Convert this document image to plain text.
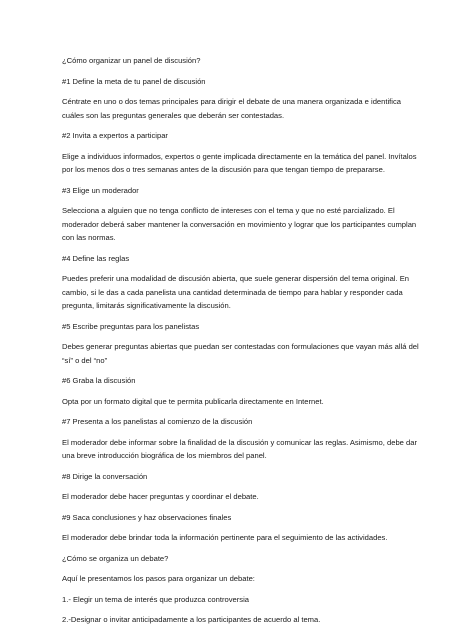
¿Cómo organizar un panel de discusión?

#1 Define la meta de tu panel de discusión

Céntrate en uno o dos temas principales para dirigir el debate de una manera organizada e identifica cuáles son las preguntas generales que deberán ser contestadas.

#2 Invita a expertos a participar

Elige a individuos informados, expertos o gente implicada directamente en la temática del panel. Invítalos por los menos dos o tres semanas antes de la discusión para que tengan tiempo de prepararse.

#3 Elige un moderador

Selecciona a alguien que no tenga conflicto de intereses con el tema y que no esté parcializado. El moderador deberá saber mantener la conversación en movimiento y lograr que los participantes cumplan con las normas.

#4 Define las reglas

Puedes preferir una modalidad de discusión abierta, que suele generar dispersión del tema original. En cambio, si le das a cada panelista una cantidad determinada de tiempo para hablar y responder cada pregunta, limitarás significativamente la discusión.

#5 Escribe preguntas para los panelistas

Debes generar preguntas abiertas que puedan ser contestadas con formulaciones que vayan más allá del “sí” o del “no”

#6 Graba la discusión

Opta por un formato digital que te permita publicarla directamente en Internet.

#7 Presenta a los panelistas al comienzo de la discusión

El moderador debe informar sobre la finalidad de la discusión y comunicar las reglas. Asimismo, debe dar una breve introducción biográfica de los miembros del panel.

#8 Dirige la conversación

El moderador debe hacer preguntas y coordinar el debate.

#9 Saca conclusiones y haz observaciones finales

El moderador debe brindar toda la información pertinente para el seguimiento de las actividades.

¿Cómo se organiza un debate?

Aquí le presentamos los pasos para organizar un debate:

1.- Elegir un tema de interés que produzca controversia

2.-Designar o invitar anticipadamente a los participantes de acuerdo al tema.
